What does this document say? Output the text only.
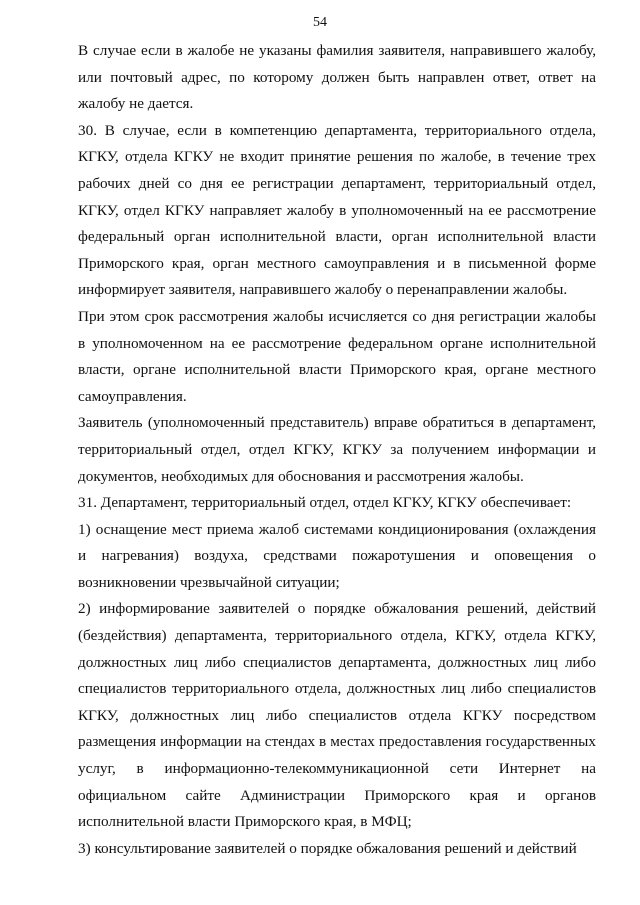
54

В случае если в жалобе не указаны фамилия заявителя, направившего жалобу, или почтовый адрес, по которому должен быть направлен ответ, ответ на жалобу не дается.

30. В случае, если в компетенцию департамента, территориального отдела, КГКУ, отдела КГКУ не входит принятие решения по жалобе, в течение трех рабочих дней со дня ее регистрации департамент, территориальный отдел, КГКУ, отдел КГКУ направляет жалобу в уполномоченный на ее рассмотрение федеральный орган исполнительной власти, орган исполнительной власти Приморского края, орган местного самоуправления и в письменной форме информирует заявителя, направившего жалобу о перенаправлении жалобы.

При этом срок рассмотрения жалобы исчисляется со дня регистрации жалобы в уполномоченном на ее рассмотрение федеральном органе исполнительной власти, органе исполнительной власти Приморского края, органе местного самоуправления.

Заявитель (уполномоченный представитель) вправе обратиться в департамент, территориальный отдел, отдел КГКУ, КГКУ за получением информации и документов, необходимых для обоснования и рассмотрения жалобы.

31. Департамент, территориальный отдел, отдел КГКУ, КГКУ обеспечивает:

1) оснащение мест приема жалоб системами кондиционирования (охлаждения и нагревания) воздуха, средствами пожаротушения и оповещения о возникновении чрезвычайной ситуации;

2) информирование заявителей о порядке обжалования решений, действий (бездействия) департамента, территориального отдела, КГКУ, отдела КГКУ, должностных лиц либо специалистов департамента, должностных лиц либо специалистов территориального отдела, должностных лиц либо специалистов КГКУ, должностных лиц либо специалистов отдела КГКУ посредством размещения информации на стендах в местах предоставления государственных услуг, в информационно-телекоммуникационной сети Интернет на официальном сайте Администрации Приморского края и органов исполнительной власти Приморского края, в МФЦ;

3) консультирование заявителей о порядке обжалования решений и действий
